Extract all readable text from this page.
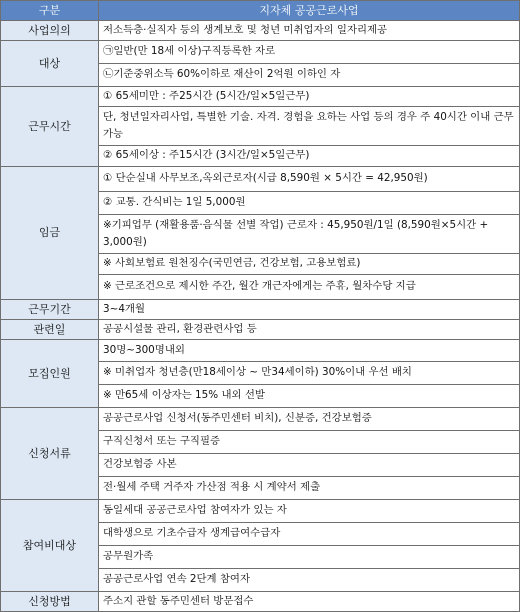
구분	지자체 공공근로사업
사업의의	저소득층·실직자 등의 생계보호 및 청년 미취업자의 일자리제공
대상	㉠일반(만 18세 이상)구직등록한 자로
	㉡기준중위소득 60%이하로 재산이 2억원 이하인 자
근무시간	① 65세미만 : 주25시간 (5시간/일×5일근무)
	단, 청년일자리사업, 특별한 기술. 자격. 경험을 요하는 사업 등의 경우 주 40시간 이내 근무가능
	② 65세이상 : 주15시간 (3시간/일×5일근무)
임금	① 단순실내 사무보조,옥외근로자(시급 8,590원 × 5시간 = 42,950원)
	② 교통. 간식비는 1일 5,000원
	※기피업무 (재활용품·음식물 선별 작업) 근로자 : 45,950원/1일 (8,590원×5시간 + 3,000원)
	※ 사회보험료 원천징수(국민연금, 건강보험, 고용보험료)
	※ 근로조건으로 제시한 주간, 월간 개근자에게는 주휴, 월차수당 지급
근무기간	3~4개월
관련일	공공시설물 관리, 환경관련사업 등
모집인원	30명~300명내외
	※ 미취업자 청년층(만18세이상 ~ 만34세이하) 30%이내 우선 배치
	※ 만65세 이상자는 15% 내외 선발
신청서류	공공근로사업 신청서(동주민센터 비치), 신분증, 건강보험증
	구직신청서 또는 구직필증
	건강보험증 사본
	전·월세 주택 거주자 가산점 적용 시 계약서 제출
참여비대상	동일세대 공공근로사업 참여자가 있는 자
	대학생으로 기초수급자 생계급여수급자
	공무원가족
	공공근로사업 연속 2단계 참여자
신청방법	주소지 관할 동주민센터 방문접수
